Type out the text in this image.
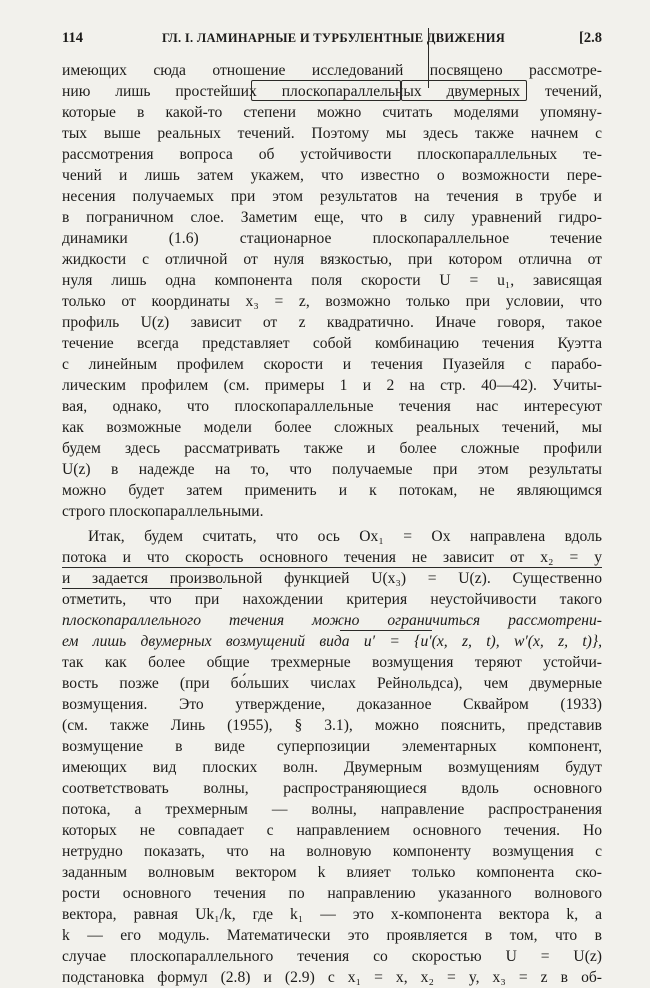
114	ГЛ. I. ЛАМИНАРНЫЕ И ТУРБУЛЕНТНЫЕ ДВИЖЕНИЯ	[2.8

имеющих сюда отношение исследований посвящено рассмотре-
нию лишь простейших плоскопараллельных двумерных течений,
которые в какой-то степени можно считать моделями упомяну-
тых выше реальных течений. Поэтому мы здесь также начнем с
рассмотрения вопроса об устойчивости плоскопараллельных те-
чений и лишь затем укажем, что известно о возможности пере-
несения получаемых при этом результатов на течения в трубе и
в пограничном слое. Заметим еще, что в силу уравнений гидро-
динамики (1.6) стационарное плоскопараллельное течение
жидкости с отличной от нуля вязкостью, при котором отлична от
нуля лишь одна компонента поля скорости U = u₁, зависящая
только от координаты x₃ = z, возможно только при условии, что
профиль U(z) зависит от z квадратично. Иначе говоря, такое
течение всегда представляет собой комбинацию течения Куэтта
с линейным профилем скорости и течения Пуазейля с парабо-
лическим профилем (см. примеры 1 и 2 на стр. 40—42). Учиты-
вая, однако, что плоскопараллельные течения нас интересуют
как возможные модели более сложных реальных течений, мы
будем здесь рассматривать также и более сложные профили
U(z) в надежде на то, что получаемые при этом результаты
можно будет затем применить и к потокам, не являющимся
строго плоскопараллельными.

Итак, будем считать, что ось Ox₁ = Ox направлена вдоль
потока и что скорость основного течения не зависит от x₂ = y
и задается произвольной функцией U(x₃) = U(z). Существенно
отметить, что при нахождении критерия неустойчивости такого
плоскопараллельного течения можно ограничиться рассмотрени-
ем лишь двумерных возмущений вида u′ = {u′(x, z, t), w′(x, z, t)},
так как более общие трехмерные возмущения теряют устойчи-
вость позже (при бо́льших числах Рейнольдса), чем двумерные
возмущения. Это утверждение, доказанное Сквайром (1933)
(см. также Линь (1955), § 3.1), можно пояснить, представив
возмущение в виде суперпозиции элементарных компонент,
имеющих вид плоских волн. Двумерным возмущениям будут
соответствовать волны, распространяющиеся вдоль основного
потока, а трехмерным — волны, направление распространения
которых не совпадает с направлением основного течения. Но
нетрудно показать, что на волновую компоненту возмущения с
заданным волновым вектором k влияет только компонента ско-
рости основного течения по направлению указанного волнового
вектора, равная Uk₁/k, где k₁ — это x-компонента вектора k, а
k — его модуль. Математически это проявляется в том, что в
случае плоскопараллельного течения со скоростью U = U(z)
подстановка формул (2.8) и (2.9) с x₁ = x, x₂ = y, x₃ = z в об-
